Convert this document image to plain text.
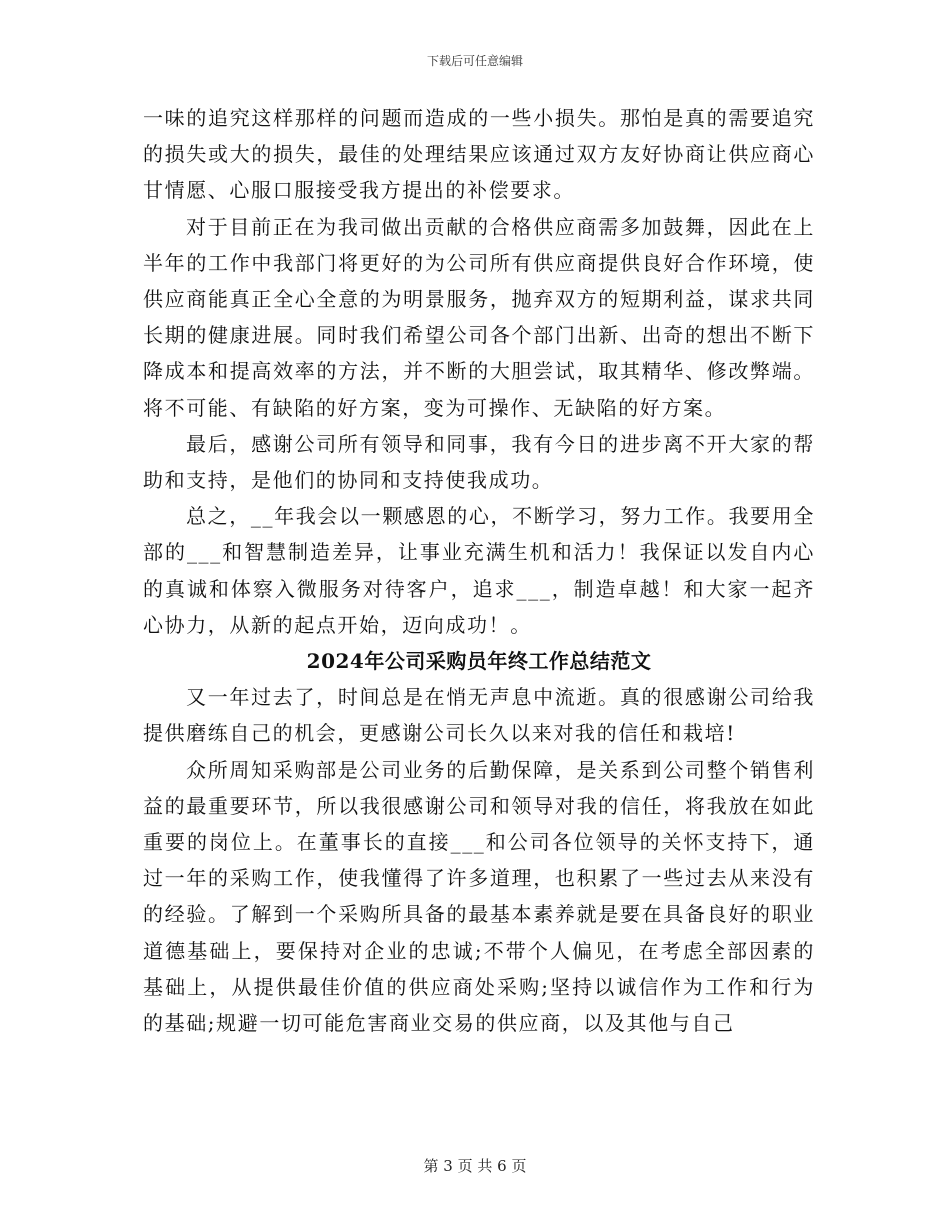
下载后可任意编辑

一味的追究这样那样的问题而造成的一些小损失。那怕是真的需要追究的损失或大的损失，最佳的处理结果应该通过双方友好协商让供应商心甘情愿、心服口服接受我方提出的补偿要求。

对于目前正在为我司做出贡献的合格供应商需多加鼓舞，因此在上半年的工作中我部门将更好的为公司所有供应商提供良好合作环境，使供应商能真正全心全意的为明景服务，抛弃双方的短期利益，谋求共同长期的健康进展。同时我们希望公司各个部门出新、出奇的想出不断下降成本和提高效率的方法，并不断的大胆尝试，取其精华、修改弊端。将不可能、有缺陷的好方案，变为可操作、无缺陷的好方案。

最后，感谢公司所有领导和同事，我有今日的进步离不开大家的帮助和支持，是他们的协同和支持使我成功。

总之，__年我会以一颗感恩的心，不断学习，努力工作。我要用全部的___和智慧制造差异，让事业充满生机和活力！我保证以发自内心的真诚和体察入微服务对待客户，追求___，制造卓越！和大家一起齐心协力，从新的起点开始，迈向成功！。

2024年公司采购员年终工作总结范文

又一年过去了，时间总是在悄无声息中流逝。真的很感谢公司给我提供磨练自己的机会，更感谢公司长久以来对我的信任和栽培!

众所周知采购部是公司业务的后勤保障，是关系到公司整个销售利益的最重要环节，所以我很感谢公司和领导对我的信任，将我放在如此重要的岗位上。在董事长的直接___和公司各位领导的关怀支持下，通过一年的采购工作，使我懂得了许多道理，也积累了一些过去从来没有的经验。了解到一个采购所具备的最基本素养就是要在具备良好的职业道德基础上，要保持对企业的忠诚;不带个人偏见，在考虑全部因素的基础上，从提供最佳价值的供应商处采购;坚持以诚信作为工作和行为的基础;规避一切可能危害商业交易的供应商，以及其他与自己

第 3 页 共 6 页
